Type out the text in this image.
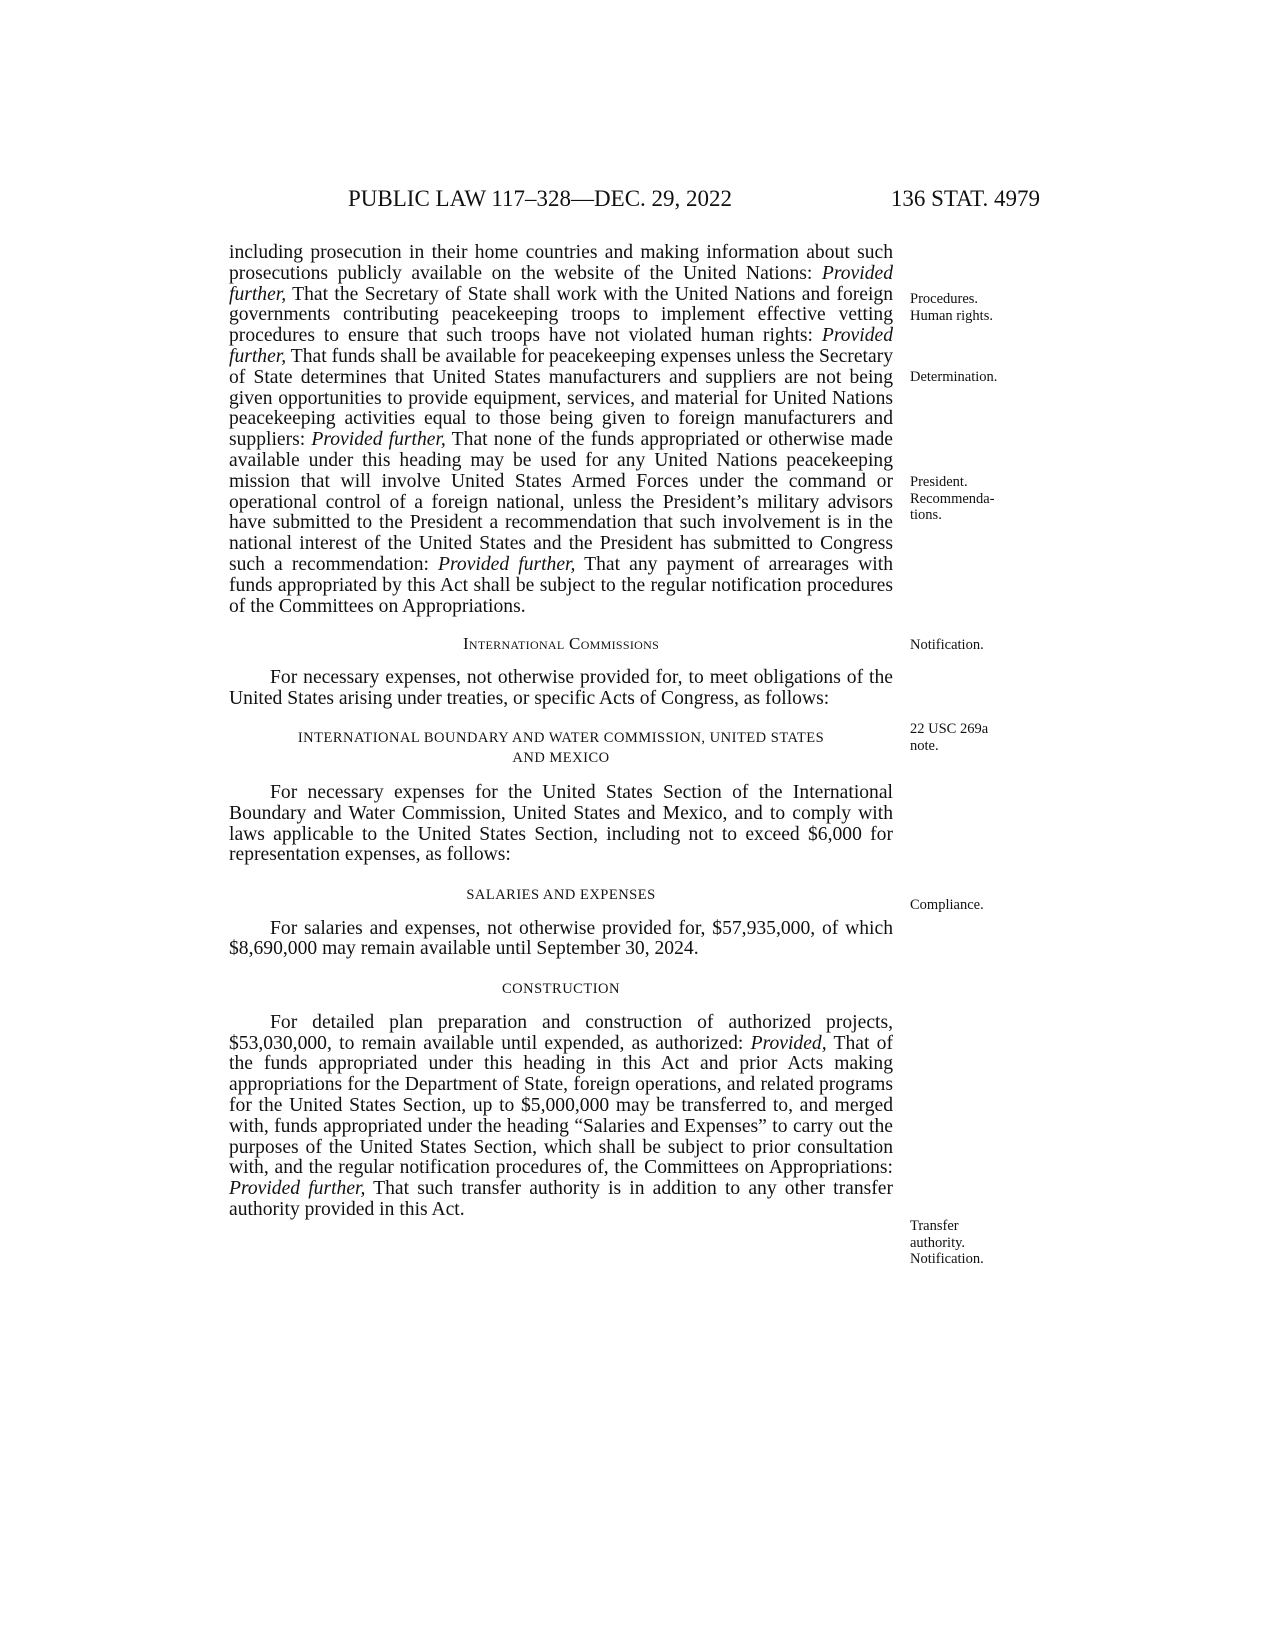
PUBLIC LAW 117–328—DEC. 29, 2022	136 STAT. 4979

including prosecution in their home countries and making information about such prosecutions publicly available on the website of the United Nations: Provided further, That the Secretary of State shall work with the United Nations and foreign governments contributing peacekeeping troops to implement effective vetting procedures to ensure that such troops have not violated human rights: Provided further, That funds shall be available for peacekeeping expenses unless the Secretary of State determines that United States manufacturers and suppliers are not being given opportunities to provide equipment, services, and material for United Nations peacekeeping activities equal to those being given to foreign manufacturers and suppliers: Provided further, That none of the funds appropriated or otherwise made available under this heading may be used for any United Nations peacekeeping mission that will involve United States Armed Forces under the command or operational control of a foreign national, unless the President’s military advisors have submitted to the President a recommendation that such involvement is in the national interest of the United States and the President has submitted to Congress such a recommendation: Provided further, That any payment of arrearages with funds appropriated by this Act shall be subject to the regular notification procedures of the Committees on Appropriations.

International Commissions

For necessary expenses, not otherwise provided for, to meet obligations of the United States arising under treaties, or specific Acts of Congress, as follows:

INTERNATIONAL BOUNDARY AND WATER COMMISSION, UNITED STATES
AND MEXICO

For necessary expenses for the United States Section of the International Boundary and Water Commission, United States and Mexico, and to comply with laws applicable to the United States Section, including not to exceed $6,000 for representation expenses, as follows:

SALARIES AND EXPENSES

For salaries and expenses, not otherwise provided for, $57,935,000, of which $8,690,000 may remain available until September 30, 2024.

CONSTRUCTION

For detailed plan preparation and construction of authorized projects, $53,030,000, to remain available until expended, as authorized: Provided, That of the funds appropriated under this heading in this Act and prior Acts making appropriations for the Department of State, foreign operations, and related programs for the United States Section, up to $5,000,000 may be transferred to, and merged with, funds appropriated under the heading “Salaries and Expenses” to carry out the purposes of the United States Section, which shall be subject to prior consultation with, and the regular notification procedures of, the Committees on Appropriations: Provided further, That such transfer authority is in addition to any other transfer authority provided in this Act.

Procedures.
Human rights.
Determination.
President.
Recommenda-
tions.
Notification.
22 USC 269a
note.
Compliance.
Transfer
authority.
Notification.
